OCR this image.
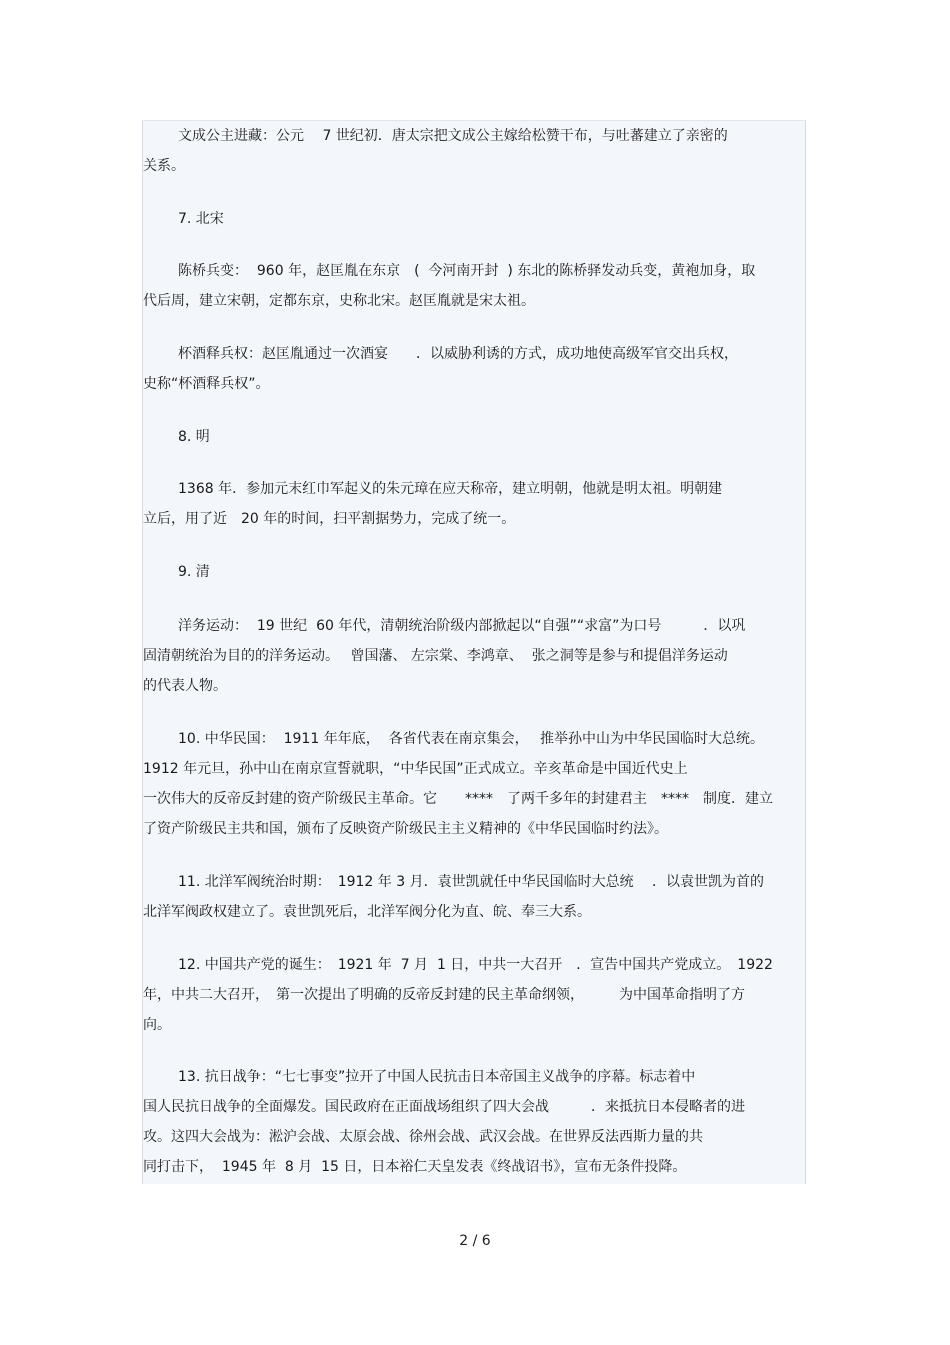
文成公主进藏：公元　 7 世纪初．唐太宗把文成公主嫁给松赞干布，与吐蕃建立了亲密的
关系。
7. 北宋
陈桥兵变：  960 年，赵匡胤在东京　(  今河南开封  ) 东北的陈桥驿发动兵变，黄袍加身，取
代后周，建立宋朝，定都东京，史称北宋。赵匡胤就是宋太祖。
杯酒释兵权：赵匡胤通过一次酒宴　　．以威胁利诱的方式，成功地使高级军官交出兵权，
史称“杯酒释兵权”。
8. 明
1368 年．参加元末红巾军起义的朱元璋在应天称帝，建立明朝，他就是明太祖。明朝建
立后，用了近　20 年的时间，扫平割据势力，完成了统一。
9. 清
洋务运动：  19 世纪  60 年代，清朝统治阶级内部掀起以“自强”“求富”为口号　　　．以巩
固清朝统治为目的的洋务运动。　 曾国藩、 左宗棠、李鸿章、  张之洞等是参与和提倡洋务运动
的代表人物。
10. 中华民国：  1911 年年底，  各省代表在南京集会，　 推举孙中山为中华民国临时大总统。
1912 年元旦，孙中山在南京宣誓就职，“中华民国”正式成立。辛亥革命是中国近代史上
一次伟大的反帝反封建的资产阶级民主革命。它　　****　了两千多年的封建君主　****　制度．建立
了资产阶级民主共和国，颁布了反映资产阶级民主主义精神的《中华民国临时约法》。
11. 北洋军阀统治时期：　1912 年 3 月．袁世凯就任中华民国临时大总统　 ．以袁世凯为首的
北洋军阀政权建立了。袁世凯死后，北洋军阀分化为直、皖、奉三大系。
12. 中国共产党的诞生：　1921 年  7 月  1 日，中共一大召开　．宣告中国共产党成立。　1922
年，中共二大召开，　第一次提出了明确的反帝反封建的民主革命纲领，　　　为中国革命指明了方
向。
13. 抗日战争：“七七事变”拉开了中国人民抗击日本帝国主义战争的序幕。标志着中
国人民抗日战争的全面爆发。国民政府在正面战场组织了四大会战　　　．来抵抗日本侵略者的进
攻。这四大会战为：淞沪会战、太原会战、徐州会战、武汉会战。在世界反法西斯力量的共
同打击下，  1945 年  8 月  15 日，日本裕仁天皇发表《终战诏书》，宣布无条件投降。
2 / 6
